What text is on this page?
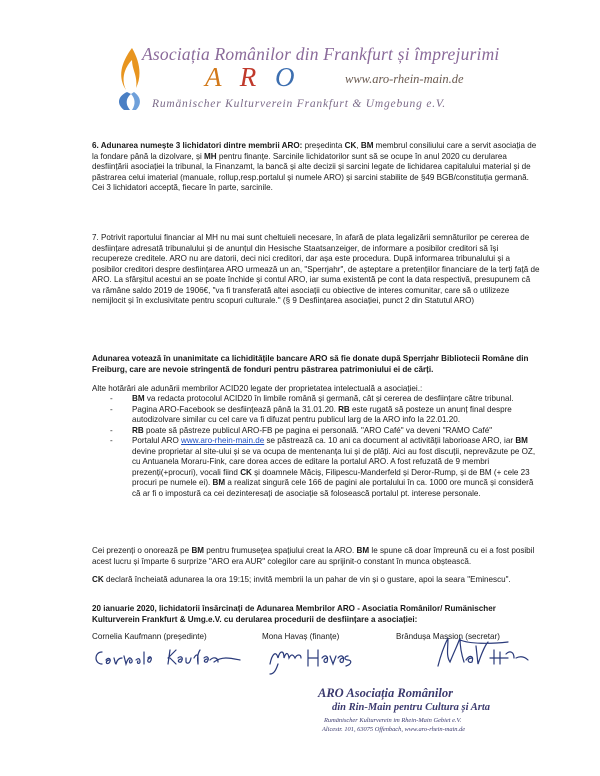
Asociația Românilor din Frankfurt și împrejurimi
A R O	www.aro-rhein-main.de
Rumänischer Kulturverein Frankfurt & Umgebung e.V.
6. Adunarea numește 3 lichidatori dintre membrii ARO: președinta CK, BM membrul consiliului care a servit asociația de la fondare până la dizolvare, și MH pentru finanțe. Sarcinile lichidatorilor sunt să se ocupe în anul 2020 cu derularea desființării asociației la tribunal, la Finanzamt, la bancă și alte decizii și sarcini legate de lichidarea capitalului material și de păstrarea celui imaterial (manuale, rollup,resp.portalul și numele ARO) și sarcini stabilite de §49 BGB/constituția germană. Cei 3 lichidatori acceptă, fiecare în parte, sarcinile.
7. Potrivit raportului financiar al MH nu mai sunt cheltuieli necesare, în afară de plata legalizării semnăturilor pe cererea de desființare adresată tribunalului și de anunțul din Hesische Staatsanzeiger, de informare a posibilor creditori să își recupereze creditele. ARO nu are datorii, deci nici creditori, dar așa este procedura. După informarea tribunalului și a posibilor creditori despre desființarea ARO urmează un an, "Sperrjahr", de așteptare a pretențiilor financiare de la terți față de ARO. La sfârșitul acestui an se poate închide și contul ARO, iar suma existentă pe cont la data respectivă, presupunem că va rămâne saldo 2019 de 1906€, "va fi transferată altei asociații cu obiective de interes comunitar, care să o utilizeze nemijlocit și în exclusivitate pentru scopuri culturale." (§ 9 Desființarea asociației, punct 2 din Statutul ARO)
Adunarea votează în unanimitate ca lichiditățile bancare ARO să fie donate după Sperrjahr Bibliotecii Române din Freiburg, care are nevoie stringentă de fonduri pentru păstrarea patrimoniului ei de cărți.
Alte hotărâri ale adunării membrilor ACID20 legate der proprietatea intelectuală a asociației.:
- BM va redacta protocolul ACID20 în limbile română și germană, cât și cererea de desființare către tribunal.
- Pagina ARO-Facebook se desființează până la 31.01.20. RB este rugată să posteze un anunț final despre autodizolvare similar cu cel care va fi difuzat pentru publicul larg de la ARO info la 22.01.20.
- RB poate să păstreze publicul ARO-FB pe pagina ei personală. "ARO Café" va deveni "RAMO Café"
- Portalul ARO www.aro-rhein-main.de se păstrează ca. 10 ani ca document al activității laborioase ARO, iar BM devine proprietar al site-ului și se va ocupa de mentenanța lui și de plăți. Aici au fost discuții, neprevăzute pe OZ, cu Antuanela Moraru-Fink, care dorea acces de editare la portalul ARO. A fost refuzată de 9 membri prezenți(+procuri), vocali fiind CK și doamnele Măciș, Filipescu-Manderfeld și Deror-Rump, și de BM (+ cele 23 procuri pe numele ei). BM a realizat singură cele 166 de pagini ale portalului în ca. 1000 ore muncă și consideră că ar fi o impostură ca cei dezinteresați de asociație să folosească portalul pt. interese personale.
Cei prezenți o onorează pe BM pentru frumusețea spațiului creat la ARO. BM le spune că doar împreună cu ei a fost posibil acest lucru și împarte 6 surprize "ARO era AUR" colegilor care au sprijinit-o constant în munca obștească.
CK declară încheiată adunarea la ora 19:15; invită membrii la un pahar de vin și o gustare, apoi la seara "Eminescu".
20 ianuarie 2020, lichidatorii însărcinați de Adunarea Membrilor ARO - Asociatia Românilor/ Rumänischer Kulturverein Frankfurt & Umg.e.V. cu derularea procedurii de desființare a asociației:
Cornelia Kaufmann (președinte)	Mona Havaș (finanțe)	Brândușa Massion (secretar)
ARO Asociația Românilor
din Rin-Main pentru Cultura și Arta
Rumänischer Kulturverein im Rhein-Main Gebiet e.V.
Alicestr. 101, 63075 Offenbach, www.aro-rhein-main.de
